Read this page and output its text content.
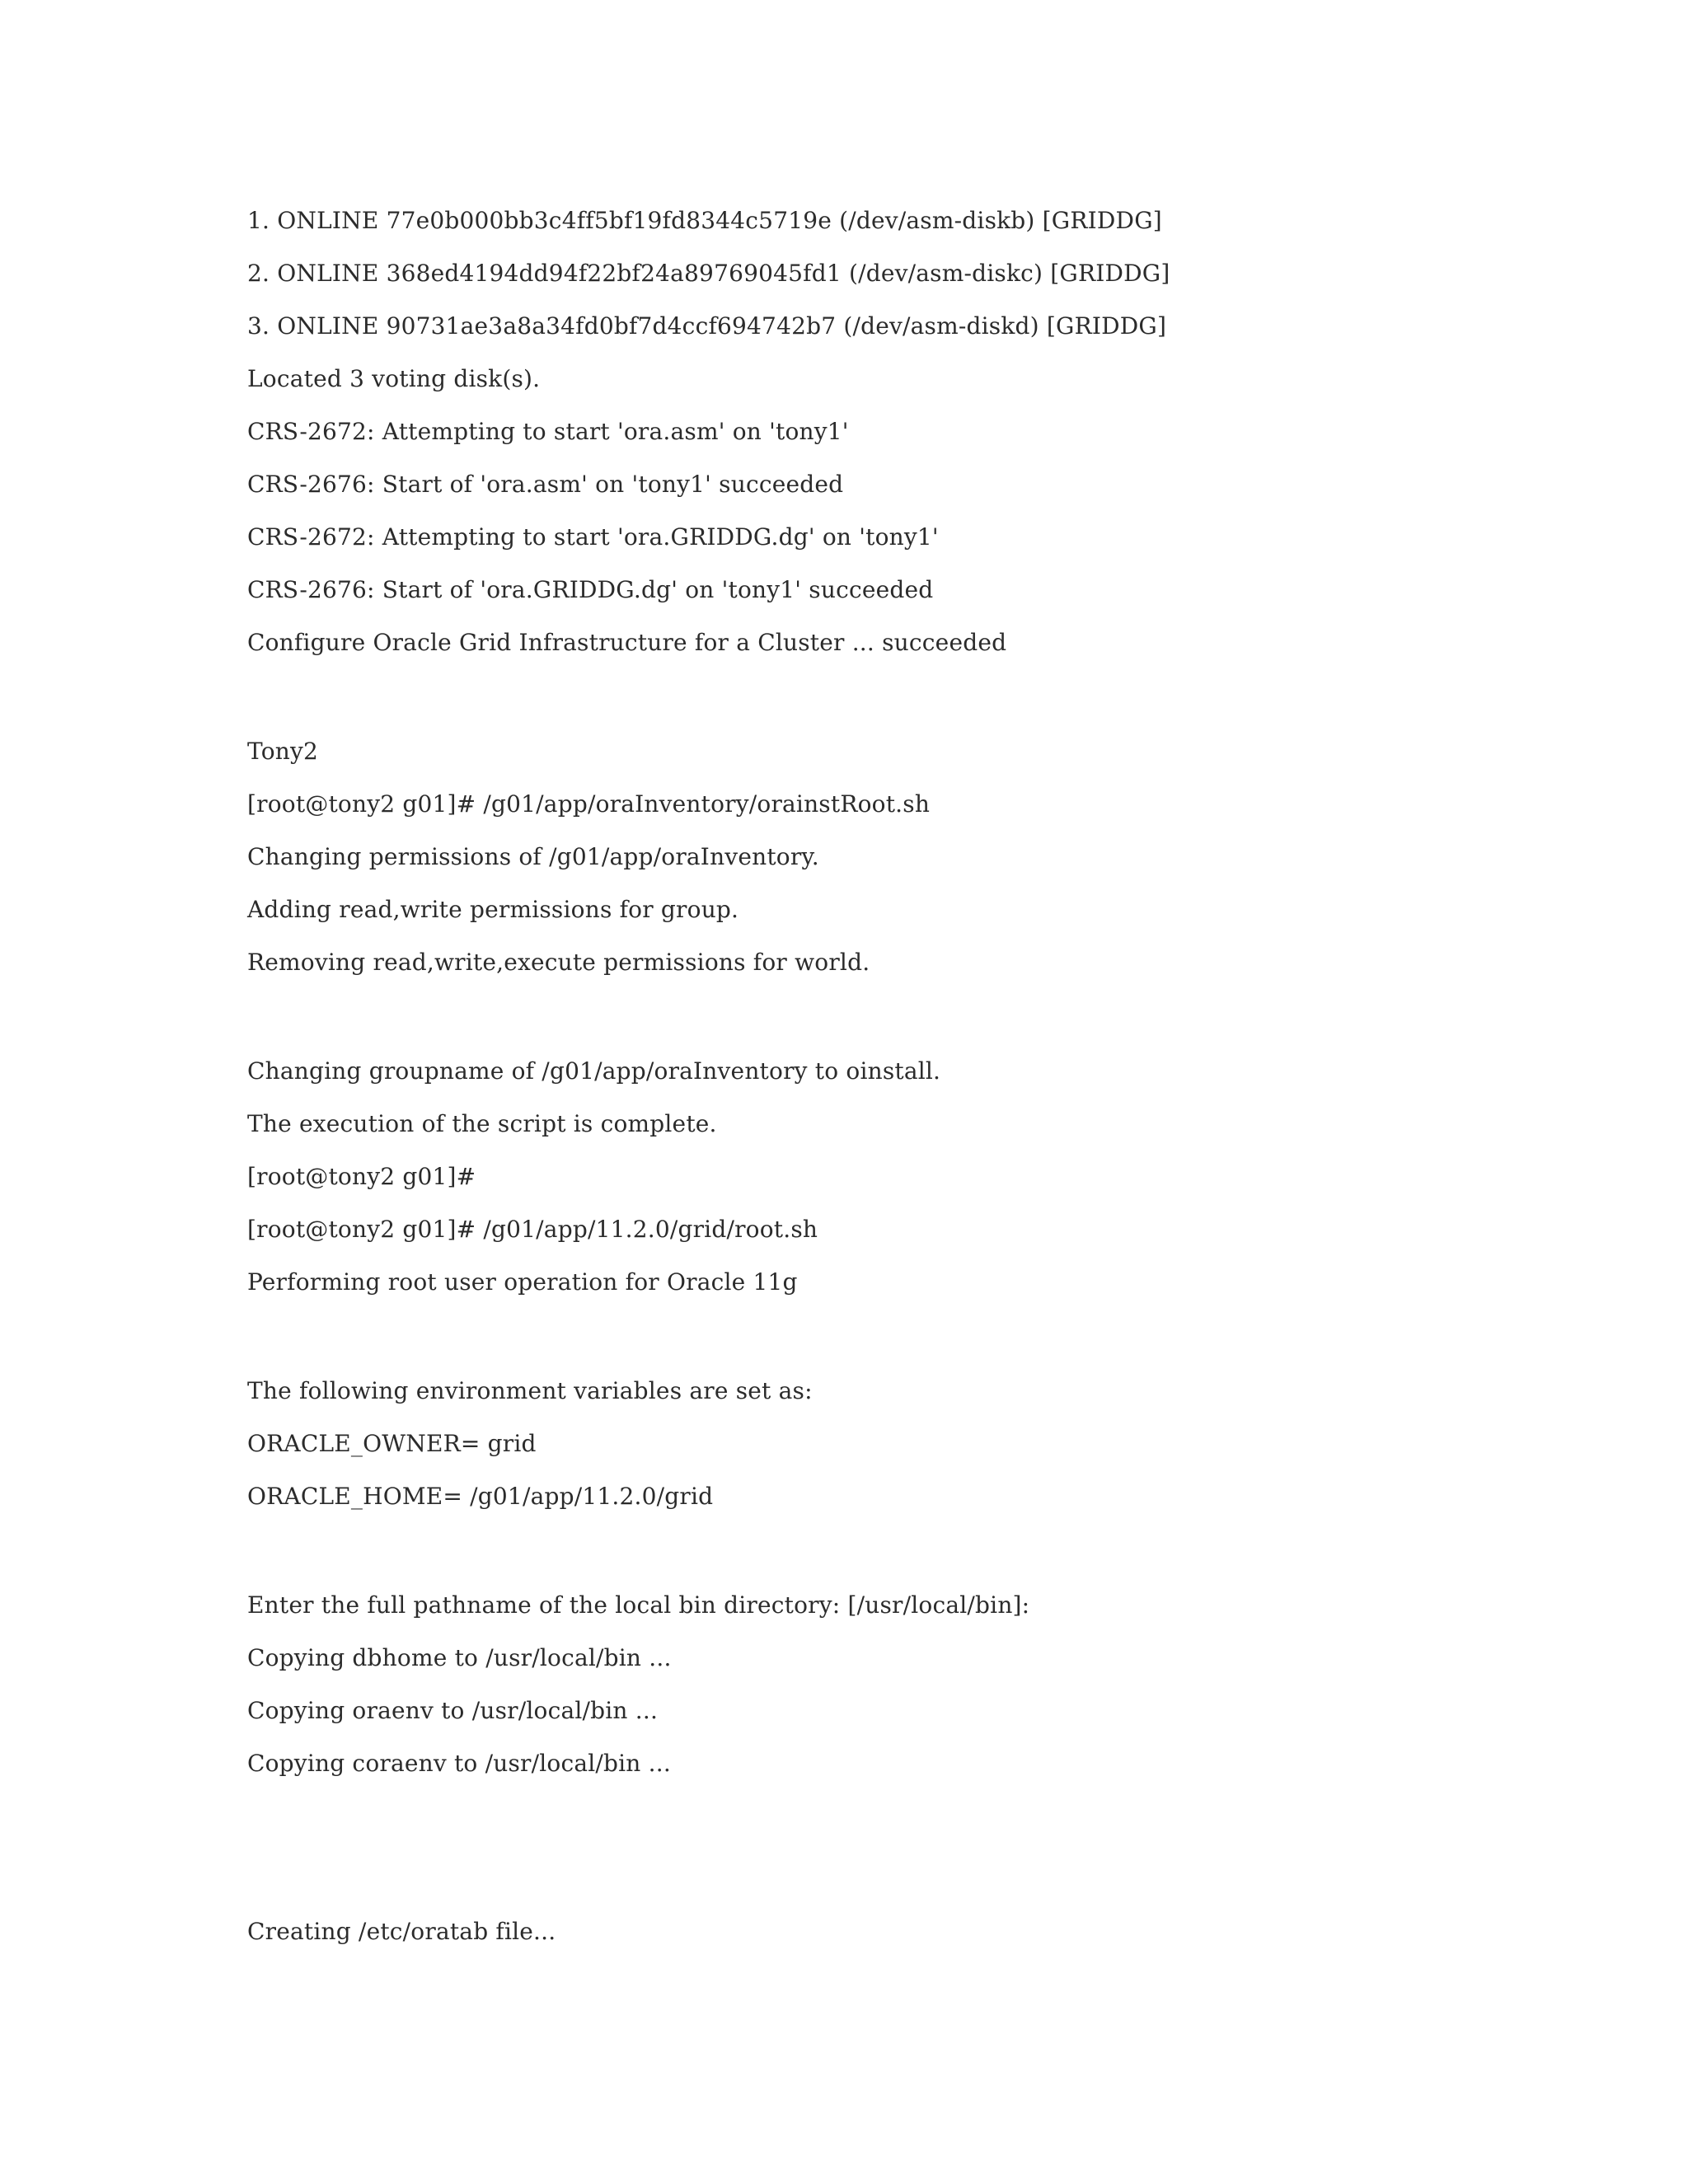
1. ONLINE 77e0b000bb3c4ff5bf19fd8344c5719e (/dev/asm-diskb) [GRIDDG]
2. ONLINE 368ed4194dd94f22bf24a89769045fd1 (/dev/asm-diskc) [GRIDDG]
3. ONLINE 90731ae3a8a34fd0bf7d4ccf694742b7 (/dev/asm-diskd) [GRIDDG]
Located 3 voting disk(s).
CRS-2672: Attempting to start 'ora.asm' on 'tony1'
CRS-2676: Start of 'ora.asm' on 'tony1' succeeded
CRS-2672: Attempting to start 'ora.GRIDDG.dg' on 'tony1'
CRS-2676: Start of 'ora.GRIDDG.dg' on 'tony1' succeeded
Configure Oracle Grid Infrastructure for a Cluster ... succeeded
Tony2
[root@tony2 g01]# /g01/app/oraInventory/orainstRoot.sh
Changing permissions of /g01/app/oraInventory.
Adding read,write permissions for group.
Removing read,write,execute permissions for world.
Changing groupname of /g01/app/oraInventory to oinstall.
The execution of the script is complete.
[root@tony2 g01]#
[root@tony2 g01]# /g01/app/11.2.0/grid/root.sh
Performing root user operation for Oracle 11g
The following environment variables are set as:
ORACLE_OWNER= grid
ORACLE_HOME= /g01/app/11.2.0/grid
Enter the full pathname of the local bin directory: [/usr/local/bin]:
Copying dbhome to /usr/local/bin ...
Copying oraenv to /usr/local/bin ...
Copying coraenv to /usr/local/bin ...
Creating /etc/oratab file...
